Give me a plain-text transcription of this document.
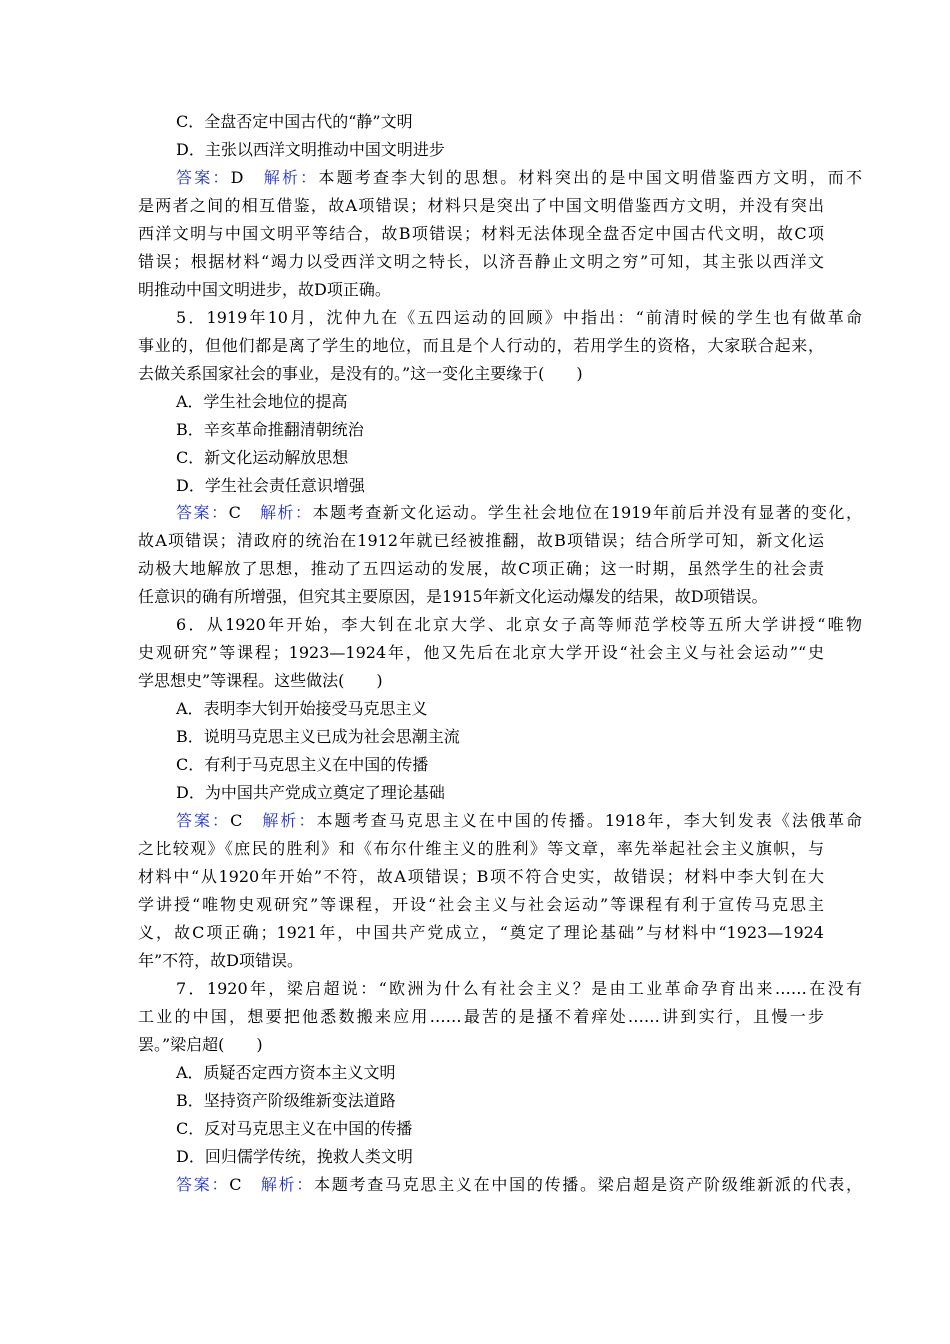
C．全盘否定中国古代的“静”文明
D．主张以西洋文明推动中国文明进步
答案：D　 解析：本题考查李大钊的思想。材料突出的是中国文明借鉴西方文明，而不
是两者之间的相互借鉴，故A项错误；材料只是突出了中国文明借鉴西方文明，并没有突出
西洋文明与中国文明平等结合，故B项错误；材料无法体现全盘否定中国古代文明，故C项
错误；根据材料“竭力以受西洋文明之特长，以济吾静止文明之穷”可知，其主张以西洋文
明推动中国文明进步，故D项正确。
5．1919年10月，沈仲九在《五四运动的回顾》中指出：“前清时候的学生也有做革命
事业的，但他们都是离了学生的地位，而且是个人行动的，若用学生的资格，大家联合起来，
去做关系国家社会的事业，是没有的。”这一变化主要缘于(　　)
A．学生社会地位的提高
B．辛亥革命推翻清朝统治
C．新文化运动解放思想
D．学生社会责任意识增强
答案：C　 解析：本题考查新文化运动。学生社会地位在1919年前后并没有显著的变化，
故A项错误；清政府的统治在1912年就已经被推翻，故B项错误；结合所学可知，新文化运
动极大地解放了思想，推动了五四运动的发展，故C项正确；这一时期，虽然学生的社会责
任意识的确有所增强，但究其主要原因，是1915年新文化运动爆发的结果，故D项错误。
6．从1920年开始，李大钊在北京大学、北京女子高等师范学校等五所大学讲授“唯物
史观研究”等课程；1923—1924年，他又先后在北京大学开设“社会主义与社会运动”“史
学思想史”等课程。这些做法(　　)
A．表明李大钊开始接受马克思主义
B．说明马克思主义已成为社会思潮主流
C．有利于马克思主义在中国的传播
D．为中国共产党成立奠定了理论基础
答案：C　 解析：本题考查马克思主义在中国的传播。1918年，李大钊发表《法俄革命
之比较观》《庶民的胜利》和《布尔什维主义的胜利》等文章，率先举起社会主义旗帜，与
材料中“从1920年开始”不符，故A项错误；B项不符合史实，故错误；材料中李大钊在大
学讲授“唯物史观研究”等课程，开设“社会主义与社会运动”等课程有利于宣传马克思主
义，故C项正确；1921年，中国共产党成立，“奠定了理论基础”与材料中“1923—1924
年”不符，故D项错误。
7．1920年，梁启超说：“欧洲为什么有社会主义？是由工业革命孕育出来……在没有
工业的中国，想要把他悉数搬来应用……最苦的是搔不着痒处……讲到实行，且慢一步
罢。”梁启超(　　)
A．质疑否定西方资本主义文明
B．坚持资产阶级维新变法道路
C．反对马克思主义在中国的传播
D．回归儒学传统，挽救人类文明
答案：C　 解析：本题考查马克思主义在中国的传播。梁启超是资产阶级维新派的代表，
